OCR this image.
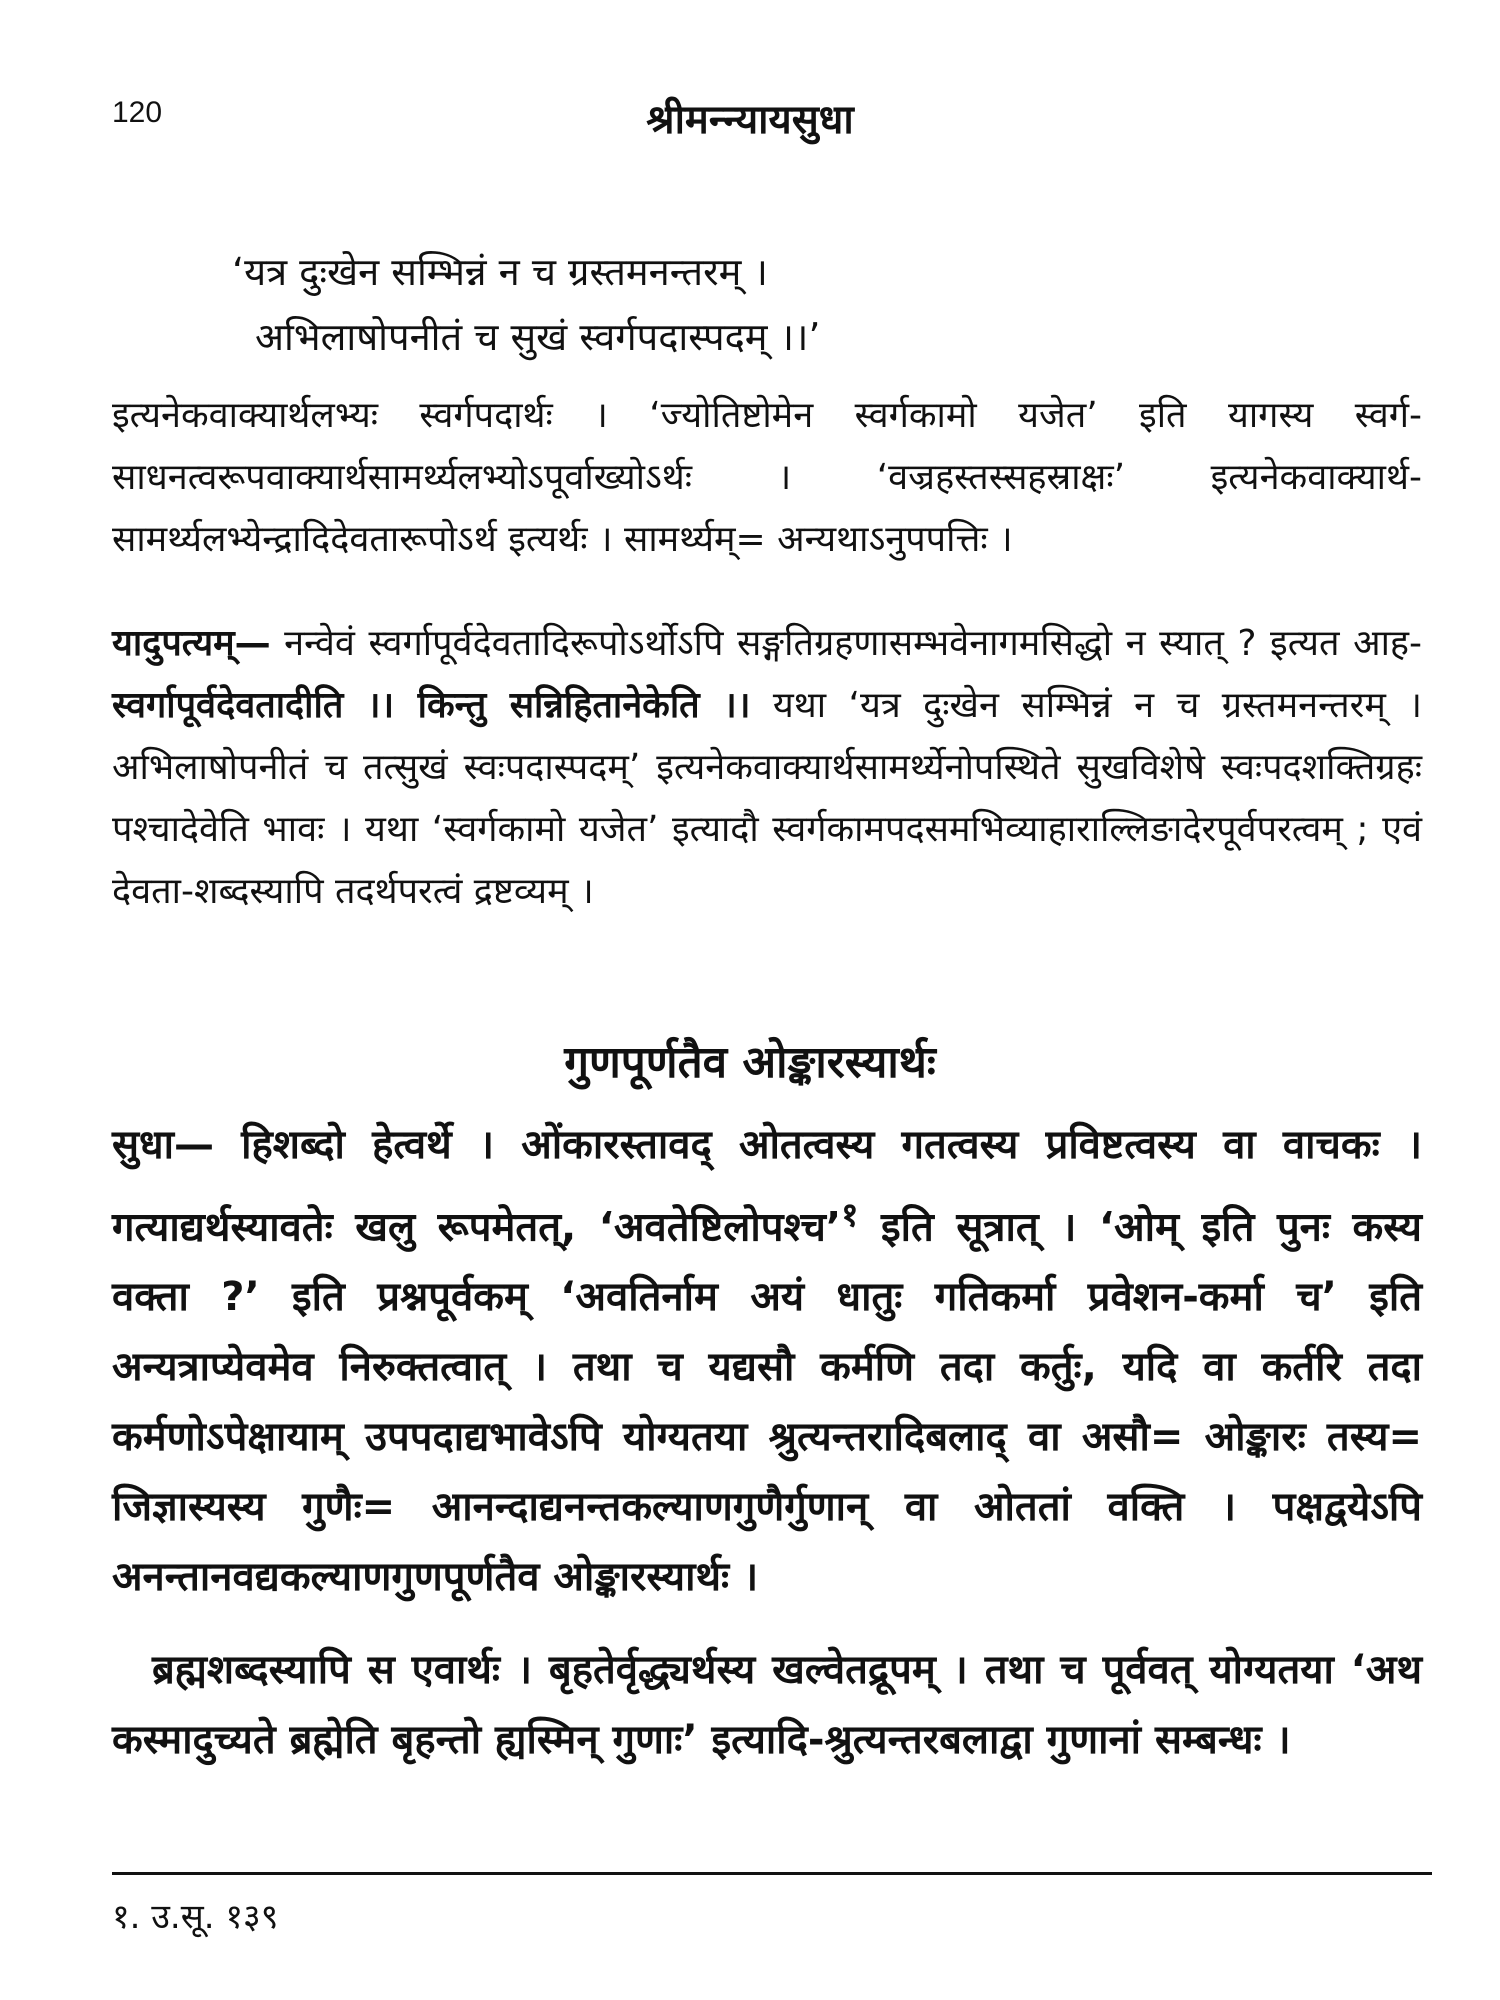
120	श्रीमन्न्यायसुधा
‘यत्र दुःखेन सम्भिन्नं न च ग्रस्तमनन्तरम् ।
अभिलाषोपनीतं च सुखं स्वर्गपदास्पदम् ।।’
इत्यनेकवाक्यार्थलभ्यः स्वर्गपदार्थः । ‘ज्योतिष्टोमेन स्वर्गकामो यजेत’ इति यागस्य स्वर्ग-साधनत्वरूपवाक्यार्थसामर्थ्यलभ्योऽपूर्वाख्योऽर्थः । ‘वज्रहस्तस्सहस्राक्षः’ इत्यनेकवाक्यार्थ-सामर्थ्यलभ्येन्द्रादिदेवतारूपोऽर्थ इत्यर्थः । सामर्थ्यम्= अन्यथाऽनुपपत्तिः ।
यादुपत्यम्— नन्वेवं स्वर्गापूर्वदेवतादिरूपोऽर्थोऽपि सङ्गतिग्रहणासम्भवेनागमसिद्धो न स्यात् ? इत्यत आह- स्वर्गापूर्वदेवतादीति ।। किन्तु सन्निहितानेकेति ।। यथा ‘यत्र दुःखेन सम्भिन्नं न च ग्रस्तमनन्तरम् । अभिलाषोपनीतं च तत्सुखं स्वःपदास्पदम्’ इत्यनेकवाक्यार्थसामर्थ्येनोपस्थिते सुखविशेषे स्वःपदशक्तिग्रहः पश्चादेवेति भावः । यथा ‘स्वर्गकामो यजेत’ इत्यादौ स्वर्गकामपदसमभिव्याहाराल्लिङादेरपूर्वपरत्वम् ; एवं देवता-शब्दस्यापि तदर्थपरत्वं द्रष्टव्यम् ।
गुणपूर्णतैव ओङ्कारस्यार्थः
सुधा— हिशब्दो हेत्वर्थे । ओंकारस्तावद् ओतत्वस्य गतत्वस्य प्रविष्टत्वस्य वा वाचकः । गत्याद्यर्थस्यावतेः खलु रूपमेतत्, ‘अवतेष्टिलोपश्च’$^१$ इति सूत्रात् । ‘ओम् इति पुनः कस्य वक्ता ?’ इति प्रश्नपूर्वकम् ‘अवतिर्नाम अयं धातुः गतिकर्मा प्रवेशन-कर्मा च’ इति अन्यत्राप्येवमेव निरुक्तत्वात् । तथा च यद्यसौ कर्मणि तदा कर्तुः, यदि वा कर्तरि तदा कर्मणोऽपेक्षायाम् उपपदाद्यभावेऽपि योग्यतया श्रुत्यन्तरादिबलाद् वा असौ= ओङ्कारः तस्य= जिज्ञास्यस्य गुणैः= आनन्दाद्यनन्तकल्याणगुणैर्गुणान् वा ओततां वक्ति । पक्षद्वयेऽपि अनन्तानवद्यकल्याणगुणपूर्णतैव ओङ्कारस्यार्थः ।
ब्रह्मशब्दस्यापि स एवार्थः । बृहतेर्वृद्ध्यर्थस्य खल्वेतद्रूपम् । तथा च पूर्ववत् योग्यतया ‘अथ कस्मादुच्यते ब्रह्मेति बृहन्तो ह्यस्मिन् गुणाः’ इत्यादि-श्रुत्यन्तरबलाद्वा गुणानां सम्बन्धः ।
१. उ.सू. १३९
